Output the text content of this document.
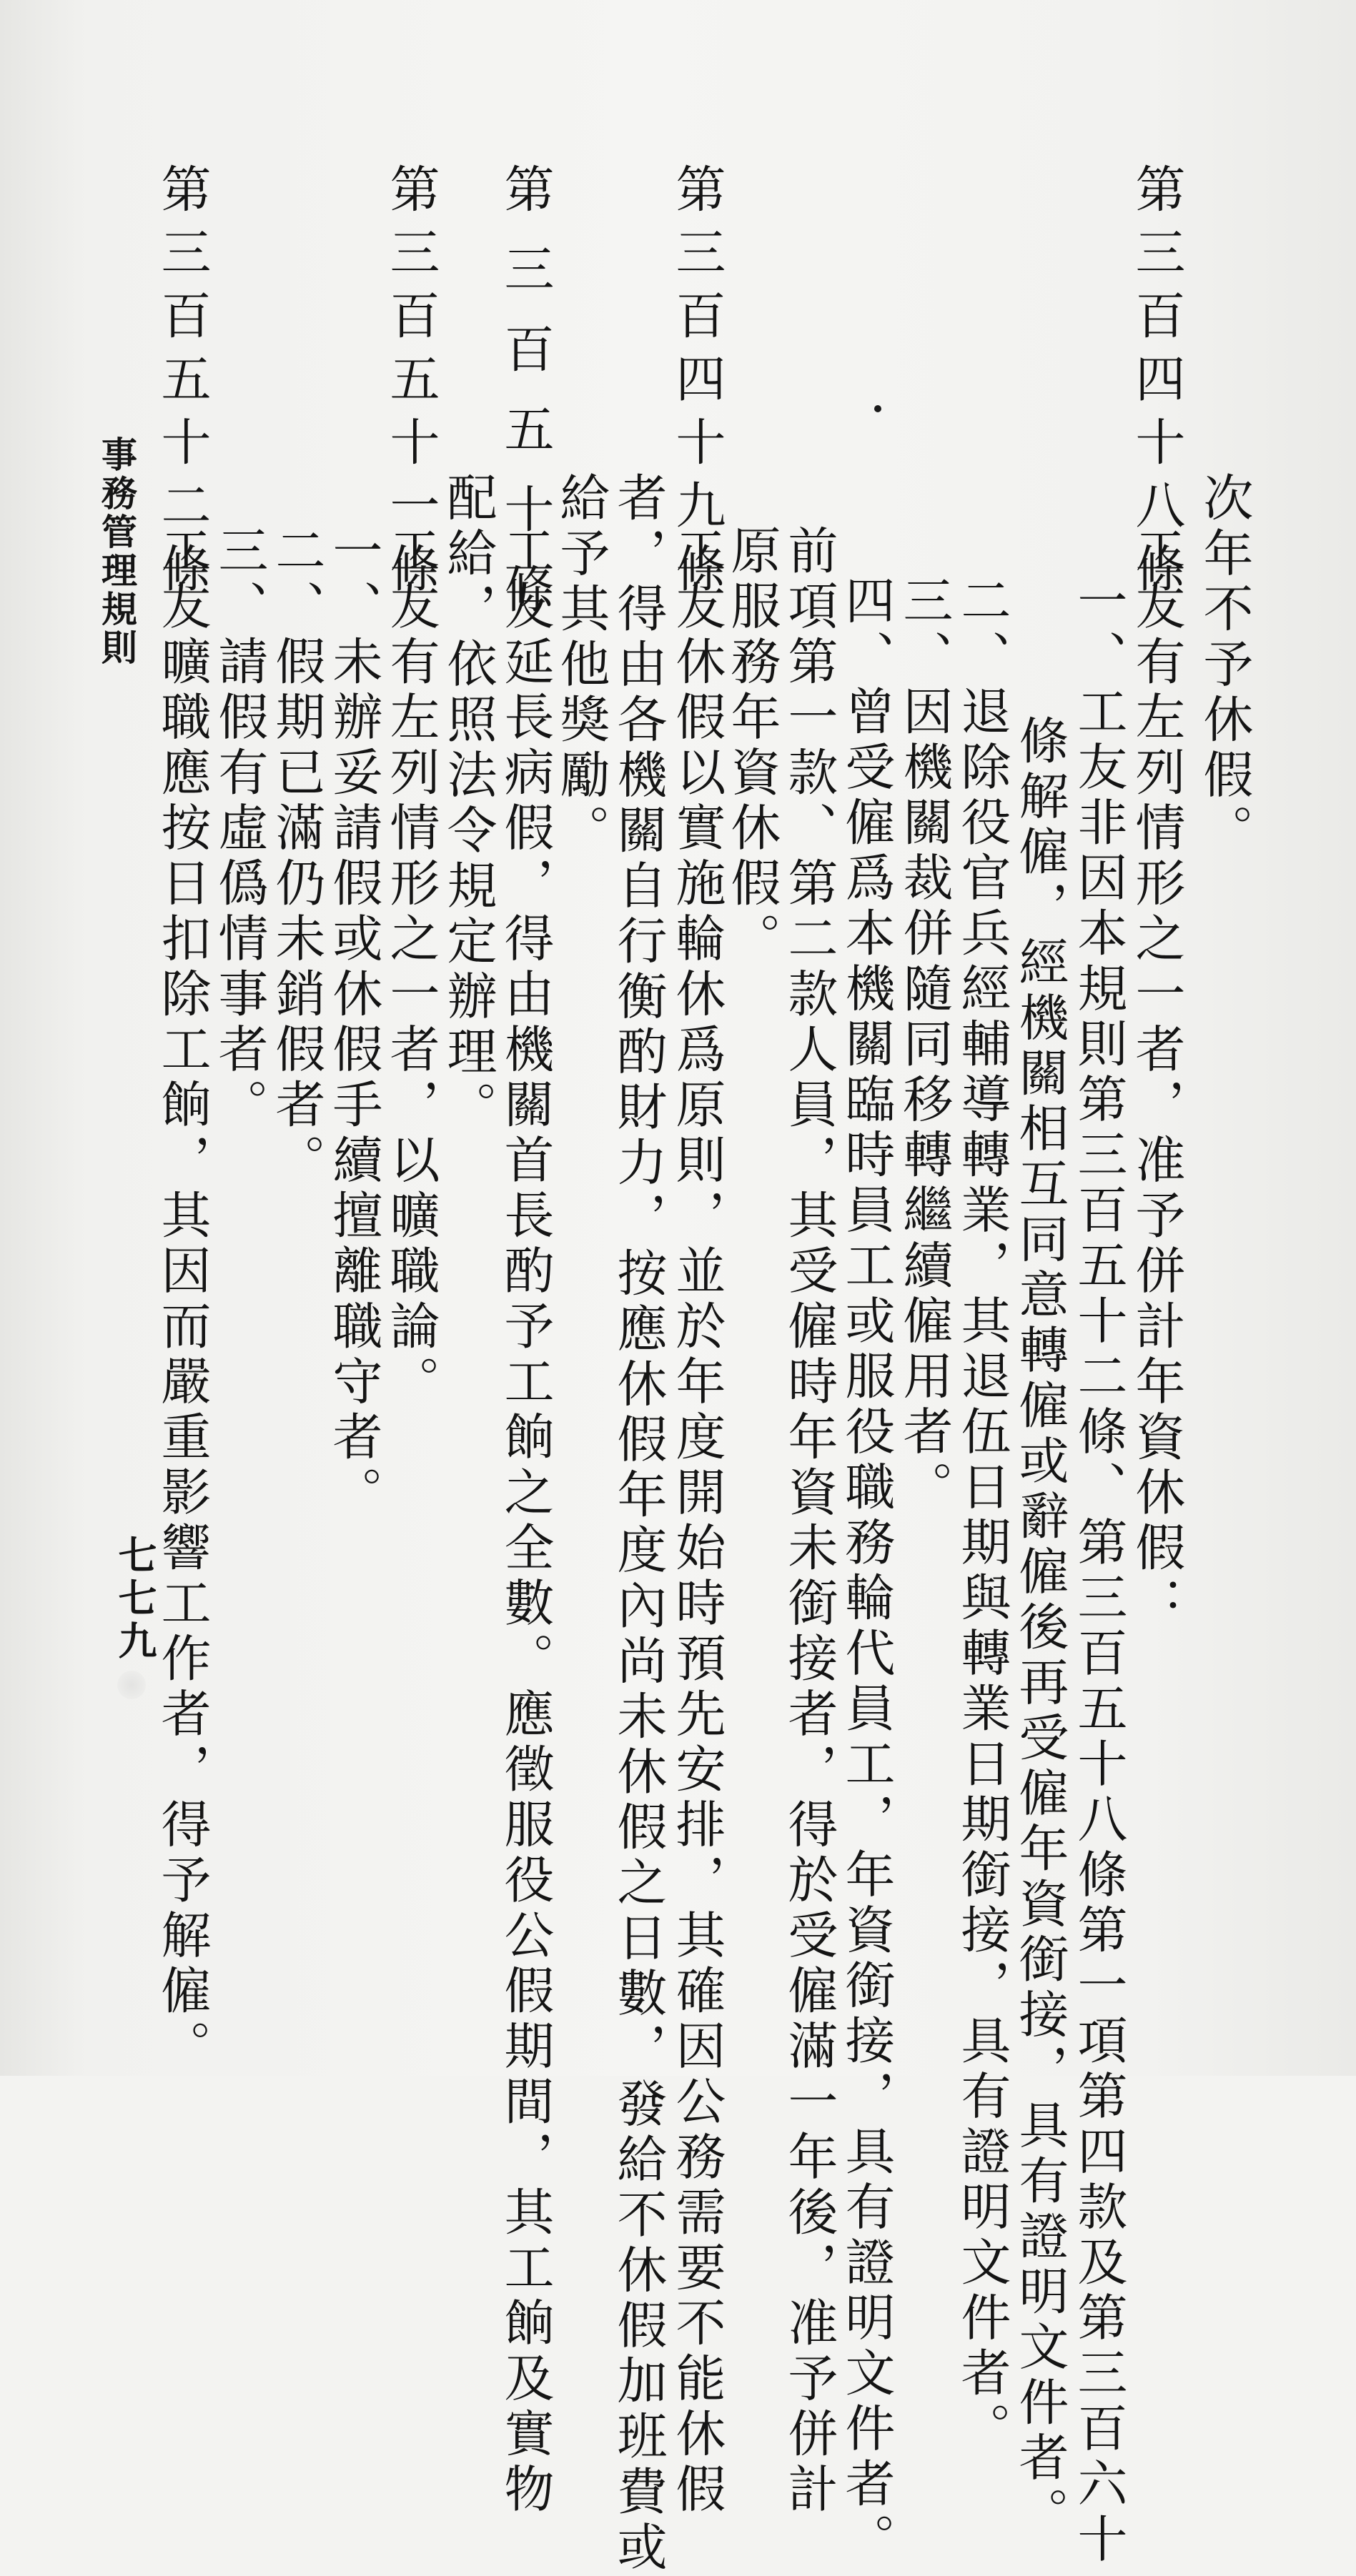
第三百四十八條
次年不予休假。
工友有左列情形之一者，准予併計年資休假：
一、工友非因本規則第三百五十二條、第三百五十八條第一項第四款及第三百六十
條解僱，經機關相互同意轉僱或辭僱後再受僱年資銜接，具有證明文件者。
二、退除役官兵經輔導轉業，其退伍日期與轉業日期銜接，具有證明文件者。
三、因機關裁併隨同移轉繼續僱用者。
四、曾受僱爲本機關臨時員工或服役職務輪代員工，年資銜接，具有證明文件者。
前項第一款、第二款人員，其受僱時年資未銜接者，得於受僱滿一年後，准予併計
原服務年資休假。
第三百四十九條
工友休假以實施輪休爲原則，並於年度開始時預先安排，其確因公務需要不能休假
者，得由各機關自行衡酌財力，按應休假年度內尚未休假之日數，發給不休假加班費或
給予其他獎勵。
第三百五十條
工友延長病假，得由機關首長酌予工餉之全數。應徵服役公假期間，其工餉及實物
配給，依照法令規定辦理。
第三百五十一條
工友有左列情形之一者，以曠職論。
一、未辦妥請假或休假手續擅離職守者。
二、假期已滿仍未銷假者。
三、請假有虛僞情事者。
第三百五十二條
工友曠職應按日扣除工餉，其因而嚴重影響工作者，得予解僱。
事務管理規則
七七九
